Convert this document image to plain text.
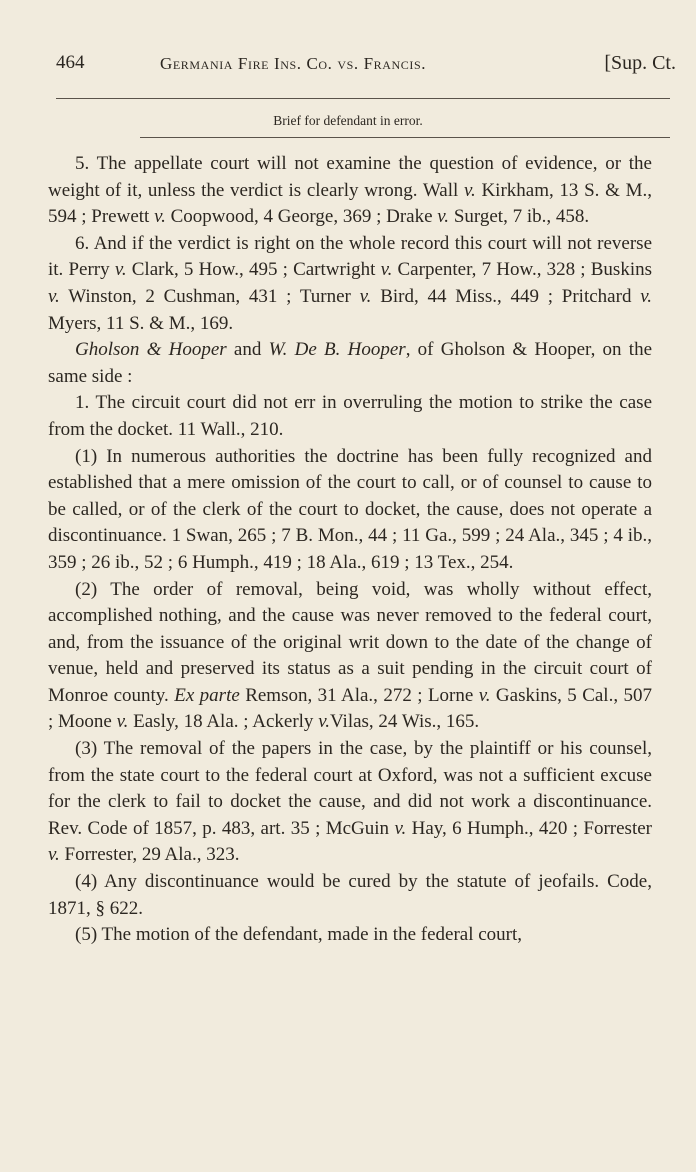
464	Germania Fire Ins. Co. vs. Francis.	[Sup. Ct.
Brief for defendant in error.

5. The appellate court will not examine the question of evidence, or the weight of it, unless the verdict is clearly wrong. Wall v. Kirkham, 13 S. & M., 594 ; Prewett v. Coopwood, 4 George, 369 ; Drake v. Surget, 7 ib., 458.

6. And if the verdict is right on the whole record this court will not reverse it. Perry v. Clark, 5 How., 495 ; Cartwright v. Carpenter, 7 How., 328 ; Buskins v. Winston, 2 Cushman, 431 ; Turner v. Bird, 44 Miss., 449 ; Pritchard v. Myers, 11 S. & M., 169.

Gholson & Hooper and W. De B. Hooper, of Gholson & Hooper, on the same side :

1. The circuit court did not err in overruling the motion to strike the case from the docket. 11 Wall., 210.

(1) In numerous authorities the doctrine has been fully recognized and established that a mere omission of the court to call, or of counsel to cause to be called, or of the clerk of the court to docket, the cause, does not operate a discontinuance. 1 Swan, 265 ; 7 B. Mon., 44 ; 11 Ga., 599 ; 24 Ala., 345 ; 4 ib., 359 ; 26 ib., 52 ; 6 Humph., 419 ; 18 Ala., 619 ; 13 Tex., 254.

(2) The order of removal, being void, was wholly without effect, accomplished nothing, and the cause was never removed to the federal court, and, from the issuance of the original writ down to the date of the change of venue, held and preserved its status as a suit pending in the circuit court of Monroe county. Ex parte Remson, 31 Ala., 272 ; Lorne v. Gaskins, 5 Cal., 507 ; Moone v. Easly, 18 Ala. ; Ackerly v.Vilas, 24 Wis., 165.

(3) The removal of the papers in the case, by the plaintiff or his counsel, from the state court to the federal court at Oxford, was not a sufficient excuse for the clerk to fail to docket the cause, and did not work a discontinuance. Rev. Code of 1857, p. 483, art. 35 ; McGuin v. Hay, 6 Humph., 420 ; Forrester v. Forrester, 29 Ala., 323.

(4) Any discontinuance would be cured by the statute of jeofails. Code, 1871, § 622.

(5) The motion of the defendant, made in the federal court,
